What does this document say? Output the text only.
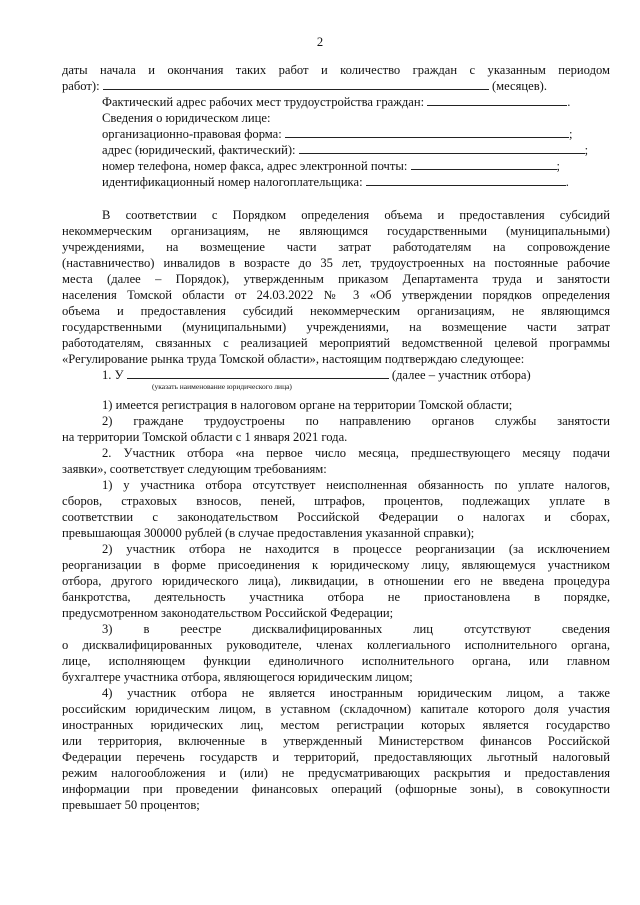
2
даты начала и окончания таких работ и количество граждан с указанным периодом
работ):	(месяцев).
Фактический адрес рабочих мест трудоустройства граждан:	.
Сведения о юридическом лице:
организационно-правовая форма:	;
адрес (юридический, фактический):	;
номер телефона, номер факса, адрес электронной почты:	;
идентификационный номер налогоплательщика:	.
В соответствии с Порядком определения объема и предоставления субсидий
некоммерческим организациям, не являющимся государственными (муниципальными)
учреждениями, на возмещение части затрат работодателям на сопровождение
(наставничество) инвалидов в возрасте до 35 лет, трудоустроенных на постоянные рабочие
места (далее – Порядок), утвержденным приказом Департамента труда и занятости
населения Томской области от 24.03.2022 № 3 «Об утверждении порядков определения
объема и предоставления субсидий некоммерческим организациям, не являющимся
государственными (муниципальными) учреждениями, на возмещение части затрат
работодателям, связанных с реализацией мероприятий ведомственной целевой программы
«Регулирование рынка труда Томской области», настоящим подтверждаю следующее:
1. У	(далее – участник отбора)
(указать наименование юридического лица)
1) имеется регистрация в налоговом органе на территории Томской области;
2) граждане трудоустроены по направлению органов службы занятости
на территории Томской области с 1 января 2021 года.
2. Участник отбора «на первое число месяца, предшествующего месяцу подачи
заявки», соответствует следующим требованиям:
1) у участника отбора отсутствует неисполненная обязанность по уплате налогов,
сборов, страховых взносов, пеней, штрафов, процентов, подлежащих уплате в
соответствии с законодательством Российской Федерации о налогах и сборах,
превышающая 300000 рублей (в случае предоставления указанной справки);
2) участник отбора не находится в процессе реорганизации (за исключением
реорганизации в форме присоединения к юридическому лицу, являющемуся участником
отбора, другого юридического лица), ликвидации, в отношении его не введена процедура
банкротства, деятельность участника отбора не приостановлена в порядке,
предусмотренном законодательством Российской Федерации;
3) в реестре дисквалифицированных лиц отсутствуют сведения
о дисквалифицированных руководителе, членах коллегиального исполнительного органа,
лице, исполняющем функции единоличного исполнительного органа, или главном
бухгалтере участника отбора, являющегося юридическим лицом;
4) участник отбора не является иностранным юридическим лицом, а также
российским юридическим лицом, в уставном (складочном) капитале которого доля участия
иностранных юридических лиц, местом регистрации которых является государство
или территория, включенные в утвержденный Министерством финансов Российской
Федерации перечень государств и территорий, предоставляющих льготный налоговый
режим налогообложения и (или) не предусматривающих раскрытия и предоставления
информации при проведении финансовых операций (офшорные зоны), в совокупности
превышает 50 процентов;
